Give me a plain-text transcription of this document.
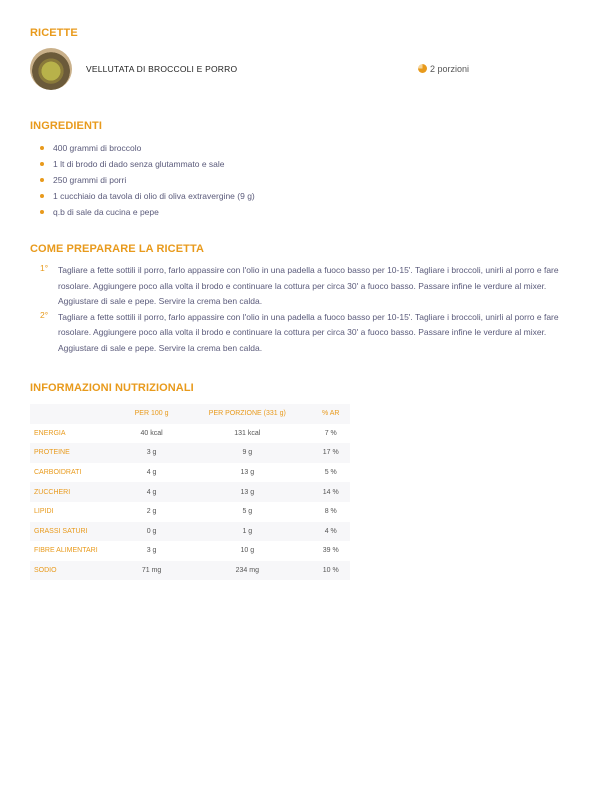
RICETTE
VELLUTATA DI BROCCOLI E PORRO	2 porzioni
INGREDIENTI
400 grammi di broccolo
1 lt di brodo di dado senza glutammato e sale
250 grammi di porri
1 cucchiaio da tavola di olio di oliva extravergine (9 g)
q.b di sale da cucina e pepe
COME PREPARARE LA RICETTA
1° Tagliare a fette sottili il porro, farlo appassire con l'olio in una padella a fuoco basso per 10-15'. Tagliare i broccoli, unirli al porro e fare rosolare. Aggiungere poco alla volta il brodo e continuare la cottura per circa 30' a fuoco basso. Passare infine le verdure al mixer. Aggiustare di sale e pepe. Servire la crema ben calda.
2° Tagliare a fette sottili il porro, farlo appassire con l'olio in una padella a fuoco basso per 10-15'. Tagliare i broccoli, unirli al porro e fare rosolare. Aggiungere poco alla volta il brodo e continuare la cottura per circa 30' a fuoco basso. Passare infine le verdure al mixer. Aggiustare di sale e pepe. Servire la crema ben calda.
INFORMAZIONI NUTRIZIONALI
	PER 100 g	PER PORZIONE (331 g)	% AR
ENERGIA	40 kcal	131 kcal	7 %
PROTEINE	3 g	9 g	17 %
CARBOIDRATI	4 g	13 g	5 %
ZUCCHERI	4 g	13 g	14 %
LIPIDI	2 g	5 g	8 %
GRASSI SATURI	0 g	1 g	4 %
FIBRE ALIMENTARI	3 g	10 g	39 %
SODIO	71 mg	234 mg	10 %
